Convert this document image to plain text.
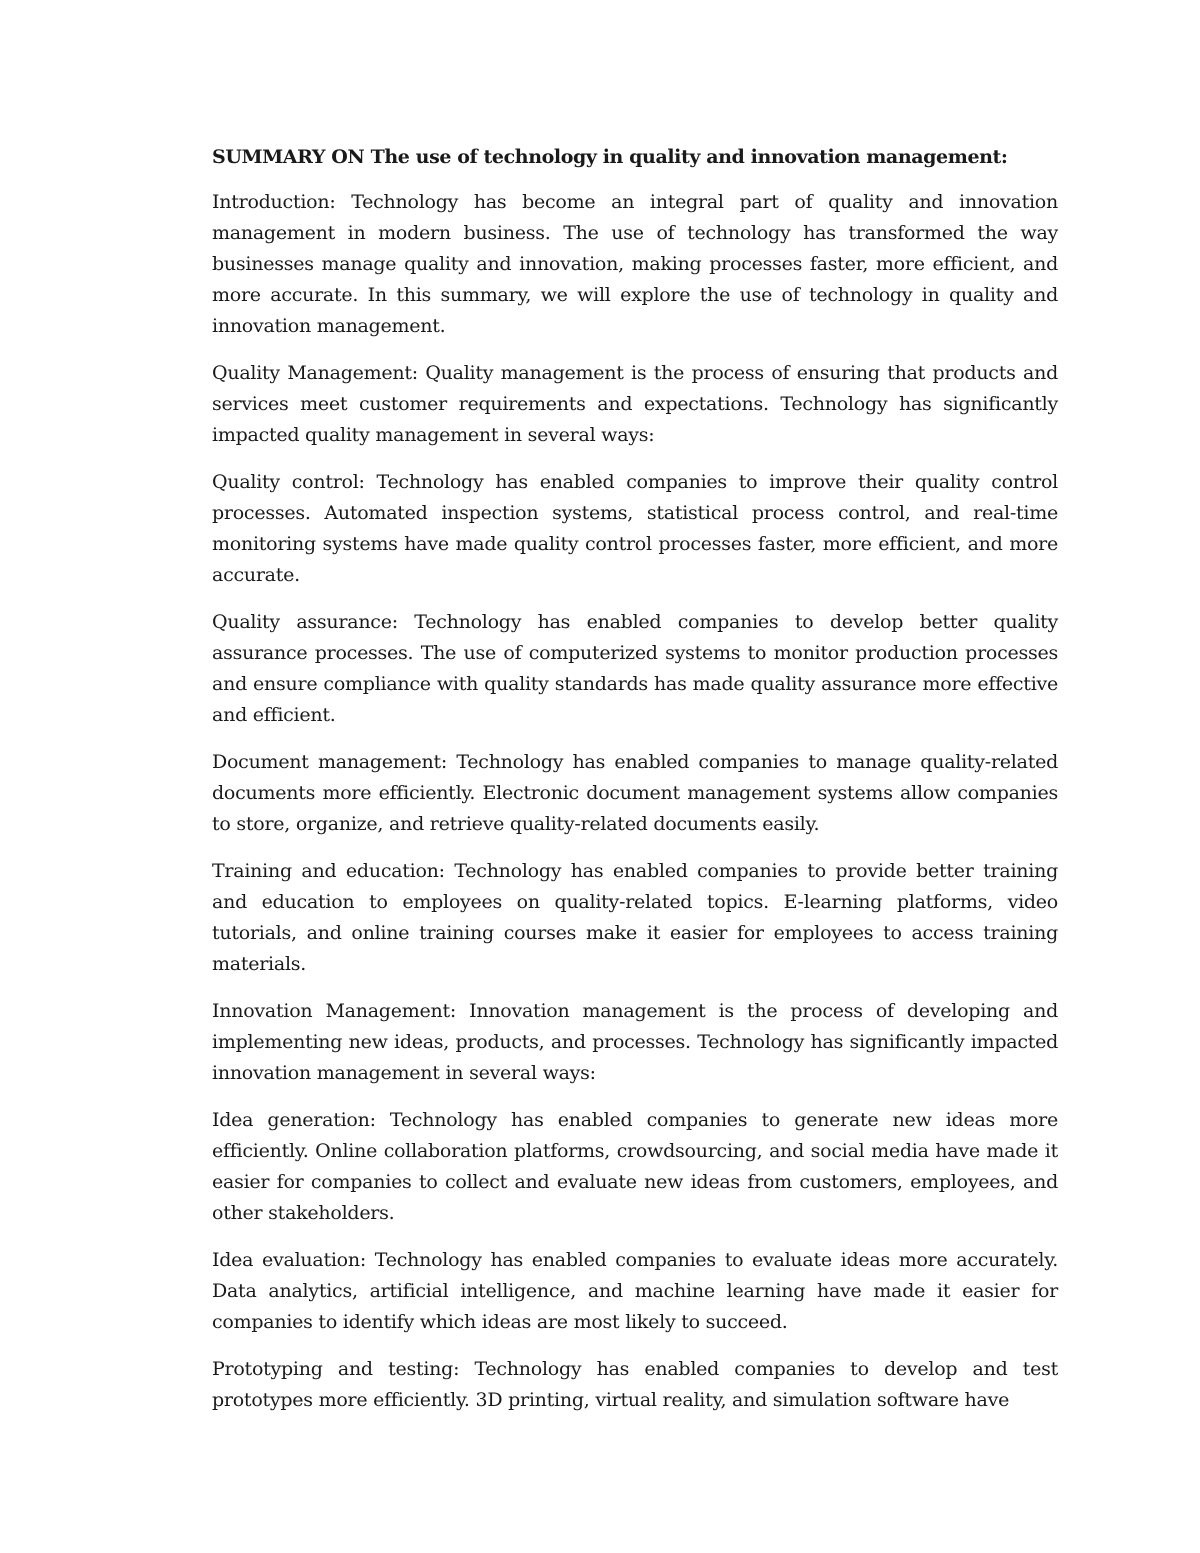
SUMMARY ON The use of technology in quality and innovation management:

Introduction: Technology has become an integral part of quality and innovation management in modern business. The use of technology has transformed the way businesses manage quality and innovation, making processes faster, more efficient, and more accurate. In this summary, we will explore the use of technology in quality and innovation management.

Quality Management: Quality management is the process of ensuring that products and services meet customer requirements and expectations. Technology has significantly impacted quality management in several ways:

Quality control: Technology has enabled companies to improve their quality control processes. Automated inspection systems, statistical process control, and real-time monitoring systems have made quality control processes faster, more efficient, and more accurate.

Quality assurance: Technology has enabled companies to develop better quality assurance processes. The use of computerized systems to monitor production processes and ensure compliance with quality standards has made quality assurance more effective and efficient.

Document management: Technology has enabled companies to manage quality-related documents more efficiently. Electronic document management systems allow companies to store, organize, and retrieve quality-related documents easily.

Training and education: Technology has enabled companies to provide better training and education to employees on quality-related topics. E-learning platforms, video tutorials, and online training courses make it easier for employees to access training materials.

Innovation Management: Innovation management is the process of developing and implementing new ideas, products, and processes. Technology has significantly impacted innovation management in several ways:

Idea generation: Technology has enabled companies to generate new ideas more efficiently. Online collaboration platforms, crowdsourcing, and social media have made it easier for companies to collect and evaluate new ideas from customers, employees, and other stakeholders.

Idea evaluation: Technology has enabled companies to evaluate ideas more accurately. Data analytics, artificial intelligence, and machine learning have made it easier for companies to identify which ideas are most likely to succeed.

Prototyping and testing: Technology has enabled companies to develop and test prototypes more efficiently. 3D printing, virtual reality, and simulation software have
